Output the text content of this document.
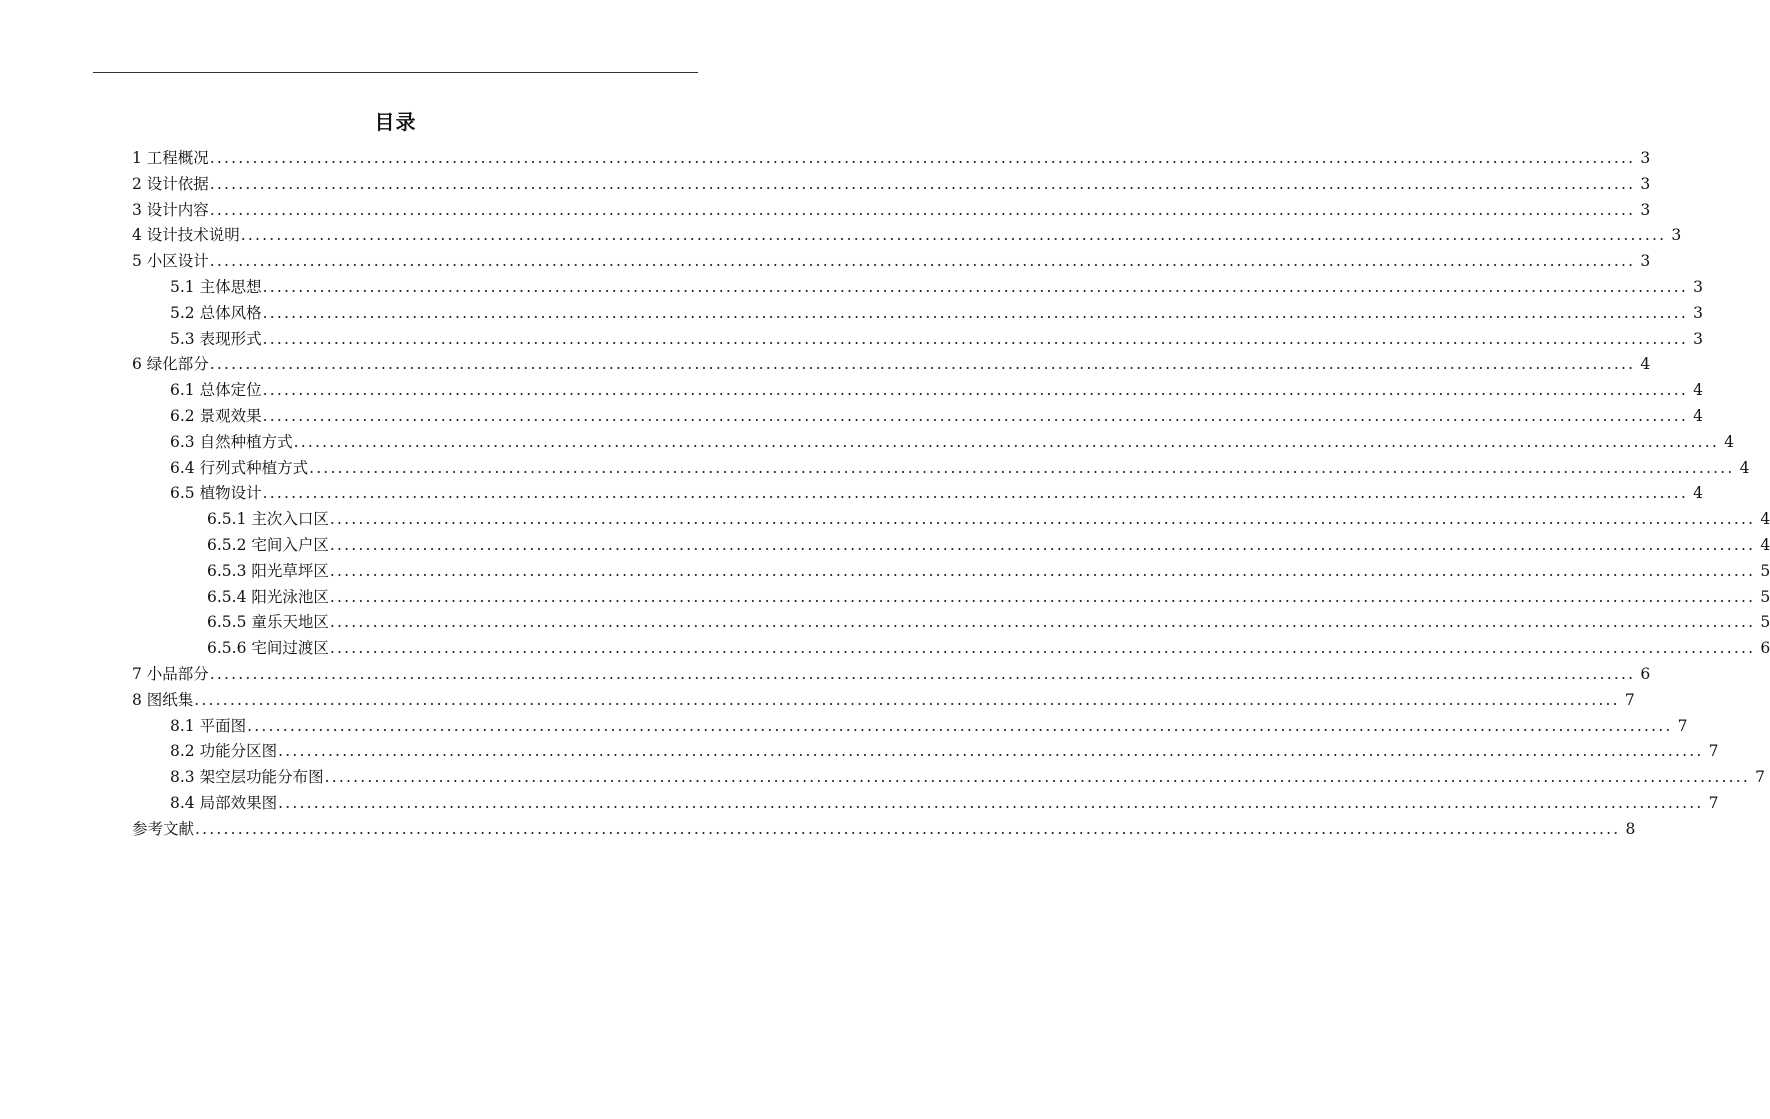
目录
1 工程概况 ........................................................................................................................................................................................................ 3
2 设计依据 ........................................................................................................................................................................................................ 3
3 设计内容 ........................................................................................................................................................................................................ 3
4 设计技术说明 ........................................................................................................................................................................................................ 3
5 小区设计 ........................................................................................................................................................................................................ 3
5.1 主体思想 ........................................................................................................................................................................................................ 3
5.2 总体风格 ........................................................................................................................................................................................................ 3
5.3 表现形式 ........................................................................................................................................................................................................ 3
6 绿化部分 ........................................................................................................................................................................................................ 4
6.1 总体定位 ........................................................................................................................................................................................................ 4
6.2 景观效果 ........................................................................................................................................................................................................ 4
6.3 自然种植方式 ........................................................................................................................................................................................................ 4
6.4 行列式种植方式 ........................................................................................................................................................................................................ 4
6.5 植物设计 ........................................................................................................................................................................................................ 4
6.5.1 主次入口区 ........................................................................................................................................................................................................ 4
6.5.2 宅间入户区 ........................................................................................................................................................................................................ 4
6.5.3 阳光草坪区 ........................................................................................................................................................................................................ 5
6.5.4 阳光泳池区 ........................................................................................................................................................................................................ 5
6.5.5 童乐天地区 ........................................................................................................................................................................................................ 5
6.5.6 宅间过渡区 ........................................................................................................................................................................................................ 6
7 小品部分 ........................................................................................................................................................................................................ 6
8 图纸集 ........................................................................................................................................................................................................ 7
8.1 平面图 ........................................................................................................................................................................................................ 7
8.2 功能分区图 ........................................................................................................................................................................................................ 7
8.3 架空层功能分布图 ........................................................................................................................................................................................................ 7
8.4 局部效果图 ........................................................................................................................................................................................................ 7
参考文献 ........................................................................................................................................................................................................ 8
